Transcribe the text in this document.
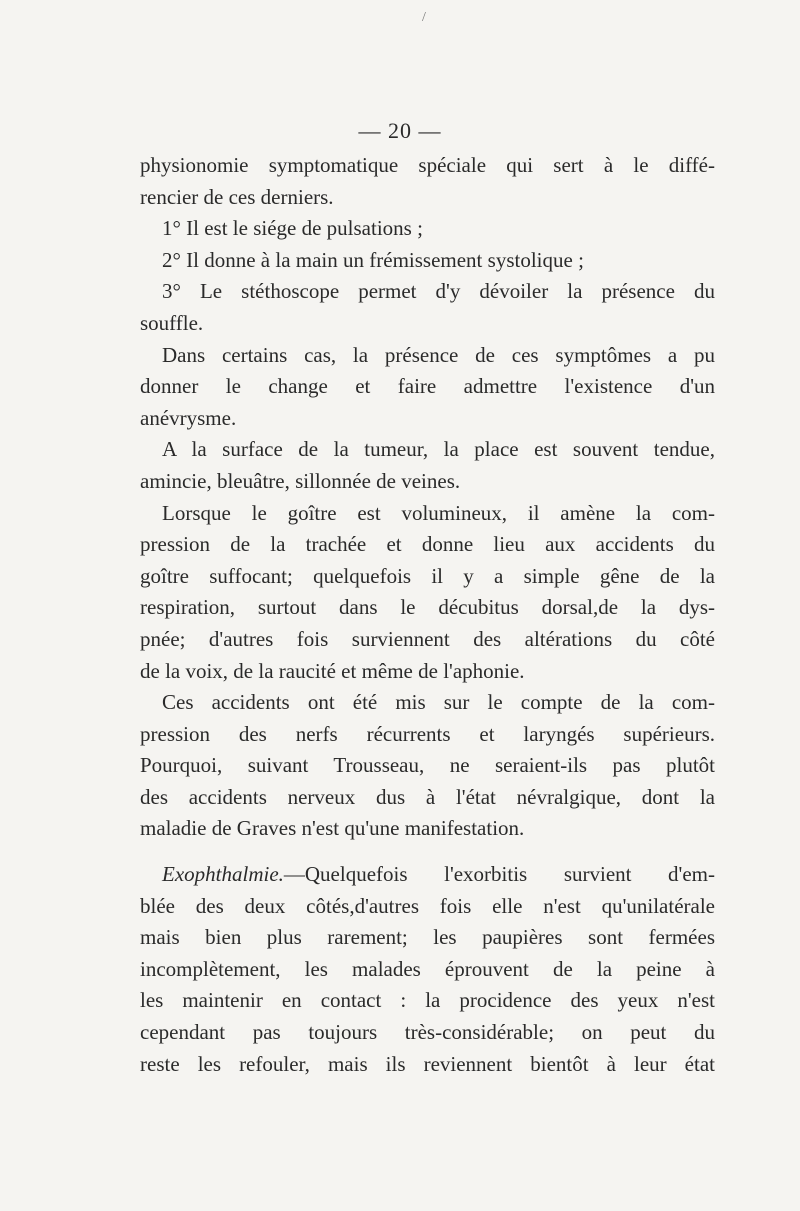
/
— 20 —
physionomie symptomatique spéciale qui sert à le diffé-
rencier de ces derniers.
1° Il est le siége de pulsations ;
2° Il donne à la main un frémissement systolique ;
3° Le stéthoscope permet d'y dévoiler la présence du
souffle.
Dans certains cas, la présence de ces symptômes a pu
donner le change et faire admettre l'existence d'un
anévrysme.
A la surface de la tumeur, la place est souvent tendue,
amincie, bleuâtre, sillonnée de veines.
Lorsque le goître est volumineux, il amène la com-
pression de la trachée et donne lieu aux accidents du
goître suffocant; quelquefois il y a simple gêne de la
respiration, surtout dans le décubitus dorsal,de la dys-
pnée; d'autres fois surviennent des altérations du côté
de la voix, de la raucité et même de l'aphonie.
Ces accidents ont été mis sur le compte de la com-
pression des nerfs récurrents et laryngés supérieurs.
Pourquoi, suivant Trousseau, ne seraient-ils pas plutôt
des accidents nerveux dus à l'état névralgique, dont la
maladie de Graves n'est qu'une manifestation.
Exophthalmie.—Quelquefois l'exorbitis survient d'em-
blée des deux côtés,d'autres fois elle n'est qu'unilatérale
mais bien plus rarement; les paupières sont fermées
incomplètement, les malades éprouvent de la peine à
les maintenir en contact : la procidence des yeux n'est
cependant pas toujours très-considérable; on peut du
reste les refouler, mais ils reviennent bientôt à leur état
